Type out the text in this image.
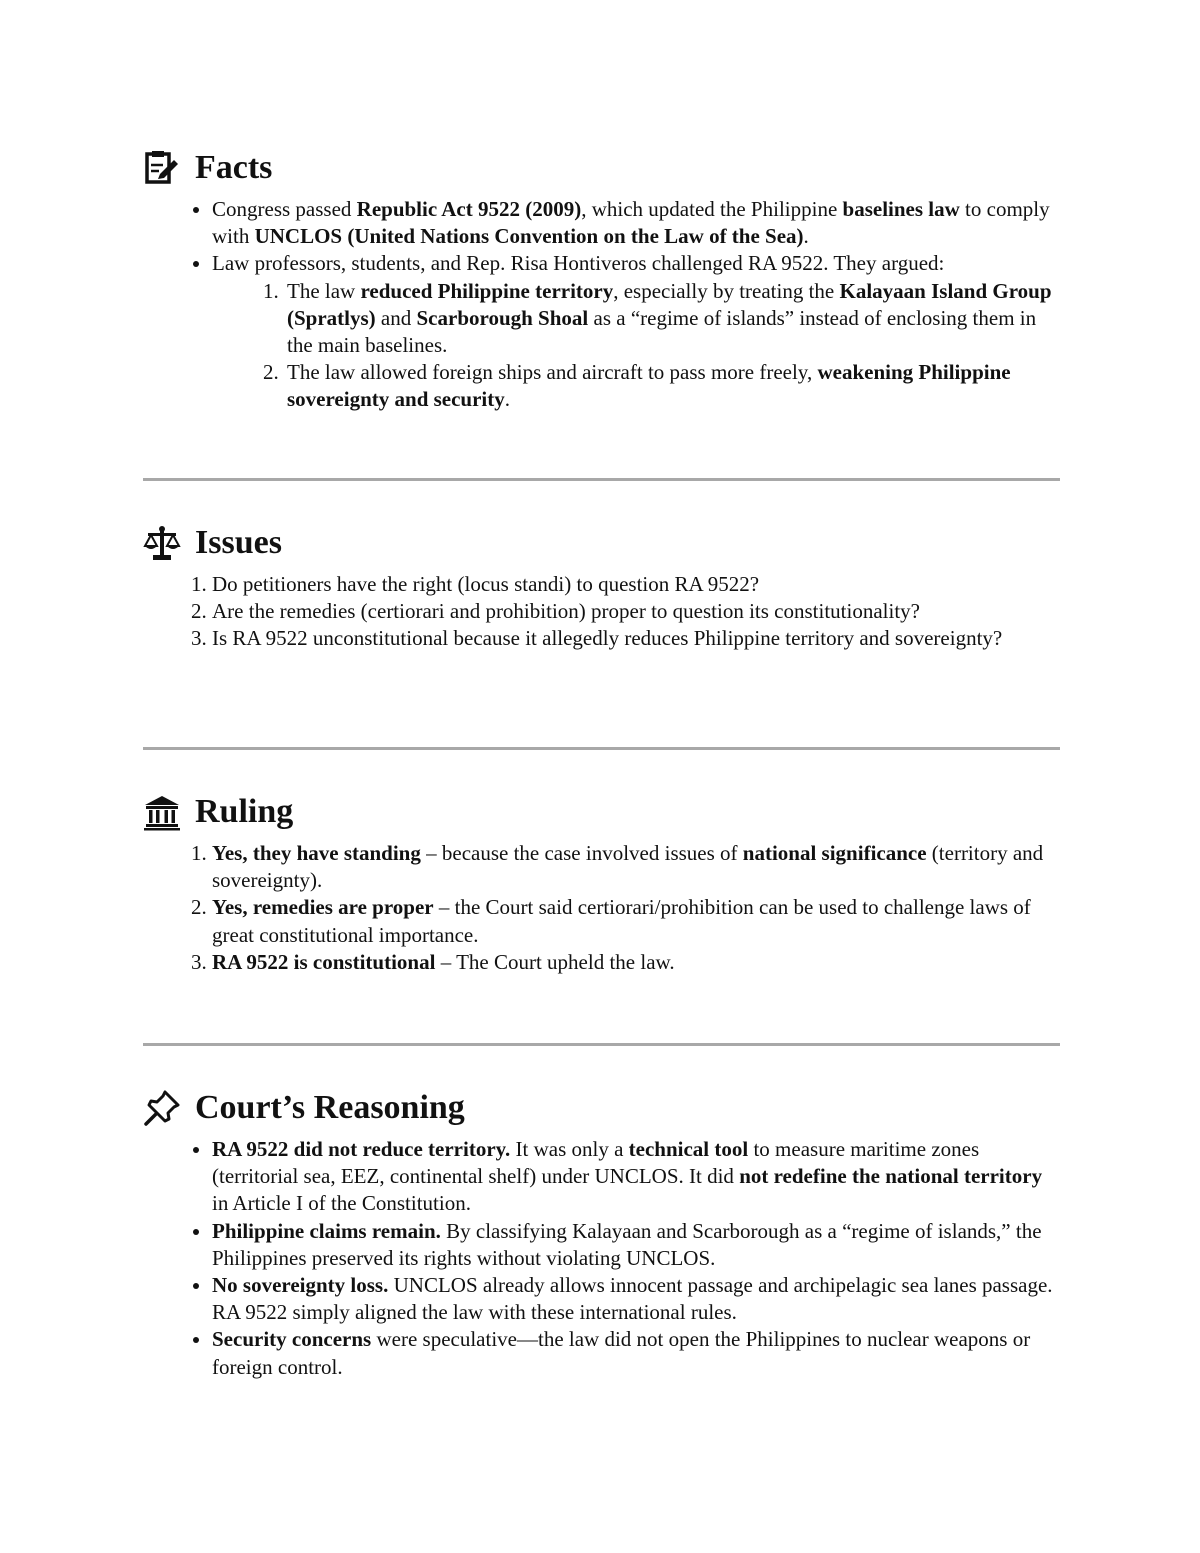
Facts
• Congress passed Republic Act 9522 (2009), which updated the Philippine baselines law to comply with UNCLOS (United Nations Convention on the Law of the Sea).
• Law professors, students, and Rep. Risa Hontiveros challenged RA 9522. They argued:
1. The law reduced Philippine territory, especially by treating the Kalayaan Island Group (Spratlys) and Scarborough Shoal as a “regime of islands” instead of enclosing them in the main baselines.
2. The law allowed foreign ships and aircraft to pass more freely, weakening Philippine sovereignty and security.
Issues
1. Do petitioners have the right (locus standi) to question RA 9522?
2. Are the remedies (certiorari and prohibition) proper to question its constitutionality?
3. Is RA 9522 unconstitutional because it allegedly reduces Philippine territory and sovereignty?
Ruling
1. Yes, they have standing – because the case involved issues of national significance (territory and sovereignty).
2. Yes, remedies are proper – the Court said certiorari/prohibition can be used to challenge laws of great constitutional importance.
3. RA 9522 is constitutional – The Court upheld the law.
Court’s Reasoning
• RA 9522 did not reduce territory. It was only a technical tool to measure maritime zones (territorial sea, EEZ, continental shelf) under UNCLOS. It did not redefine the national territory in Article I of the Constitution.
• Philippine claims remain. By classifying Kalayaan and Scarborough as a “regime of islands,” the Philippines preserved its rights without violating UNCLOS.
• No sovereignty loss. UNCLOS already allows innocent passage and archipelagic sea lanes passage. RA 9522 simply aligned the law with these international rules.
• Security concerns were speculative—the law did not open the Philippines to nuclear weapons or foreign control.
